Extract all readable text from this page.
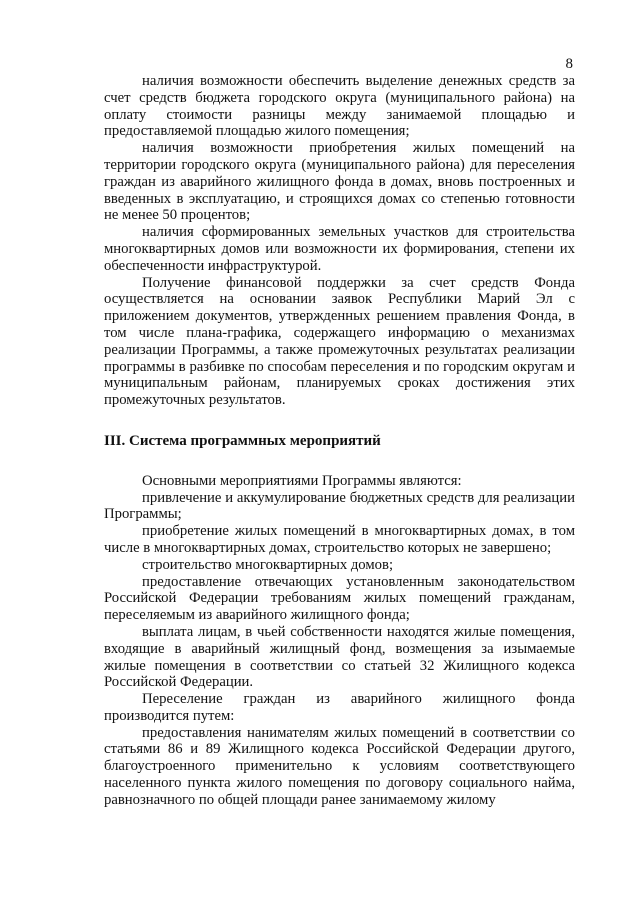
8

наличия возможности обеспечить выделение денежных средств за счет средств бюджета городского округа (муниципального района) на оплату стоимости разницы между занимаемой площадью и предоставляемой площадью жилого помещения;

наличия возможности приобретения жилых помещений на территории городского округа (муниципального района) для переселения граждан из аварийного жилищного фонда в домах, вновь построенных и введенных в эксплуатацию, и строящихся домах со степенью готовности не менее 50 процентов;

наличия сформированных земельных участков для строительства многоквартирных домов или возможности их формирования, степени их обеспеченности инфраструктурой.

Получение финансовой поддержки за счет средств Фонда осуществляется на основании заявок Республики Марий Эл с приложением документов, утвержденных решением правления Фонда, в том числе плана-графика, содержащего информацию о механизмах реализации Программы, а также промежуточных результатах реализации программы в разбивке по способам переселения и по городским округам и муниципальным районам, планируемых сроках достижения этих промежуточных результатов.

III. Система программных мероприятий

Основными мероприятиями Программы являются:

привлечение и аккумулирование бюджетных средств для реализации Программы;

приобретение жилых помещений в многоквартирных домах, в том числе в многоквартирных домах, строительство которых не завершено;

строительство многоквартирных домов;

предоставление отвечающих установленным законодательством Российской Федерации требованиям жилых помещений гражданам, переселяемым из аварийного жилищного фонда;

выплата лицам, в чьей собственности находятся жилые помещения, входящие в аварийный жилищный фонд, возмещения за изымаемые жилые помещения в соответствии со статьей 32 Жилищного кодекса Российской Федерации.

Переселение граждан из аварийного жилищного фонда производится путем:

предоставления нанимателям жилых помещений в соответствии со статьями 86 и 89 Жилищного кодекса Российской Федерации другого, благоустроенного применительно к условиям соответствующего населенного пункта жилого помещения по договору социального найма, равнозначного по общей площади ранее занимаемому жилому
